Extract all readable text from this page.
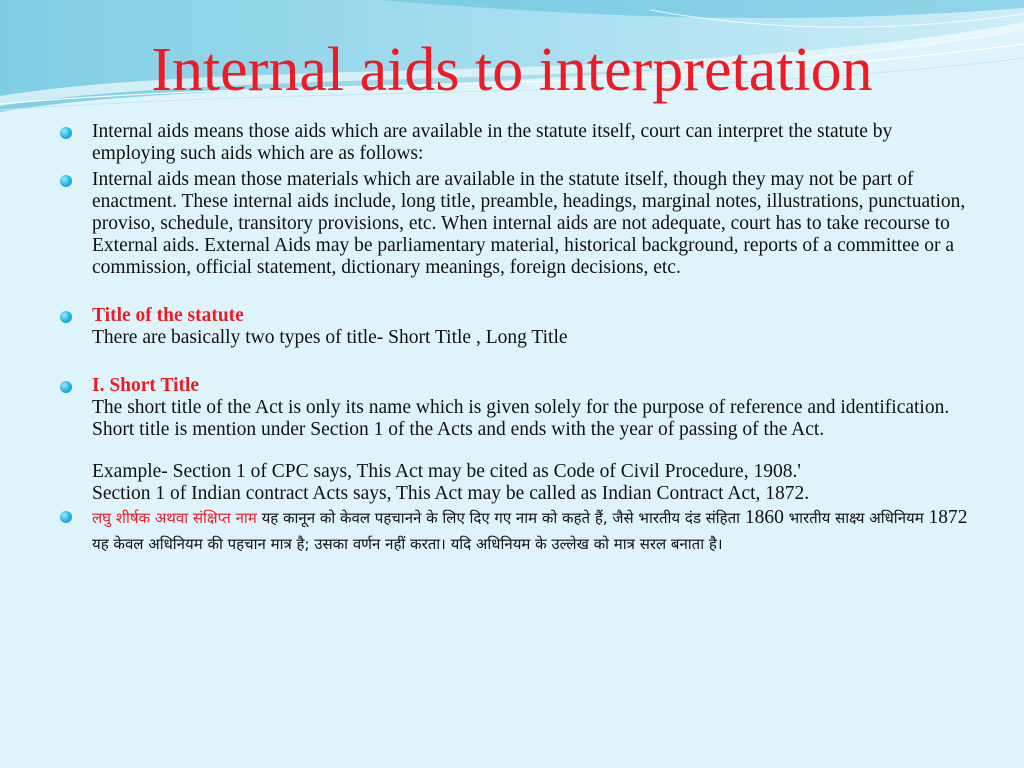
Internal aids to interpretation
Internal aids means those aids which are available in the statute itself, court can interpret the statute by employing such aids which are as follows:
Internal aids mean those materials which are available in the statute itself, though they may not be part of enactment. These internal aids include, long title, preamble, headings, marginal notes, illustrations, punctuation, proviso, schedule, transitory provisions, etc. When internal aids are not adequate, court has to take recourse to External aids. External Aids may be parliamentary material, historical background, reports of a committee or a commission, official statement, dictionary meanings, foreign decisions, etc.
Title of the statute
There are basically two types of title- Short Title , Long Title
I. Short Title
The short title of the Act is only its name which is given solely for the purpose of reference and identification.
Short title is mention under Section 1 of the Acts and ends with the year of passing of the Act.
Example- Section 1 of CPC says, This Act may be cited as Code of Civil Procedure, 1908.'
Section 1 of Indian contract Acts says, This Act may be called as Indian Contract Act, 1872.
लघु शीर्षक अथवा संक्षिप्त नाम यह कानून को केवल पहचानने के लिए दिए गए नाम को कहते हैं, जैसे भारतीय दंड संहिता 1860 भारतीय साक्ष्य अधिनियम 1872 यह केवल अधिनियम की पहचान मात्र है; उसका वर्णन नहीं करता। यदि अधिनियम के उल्लेख को मात्र सरल बनाता है।
